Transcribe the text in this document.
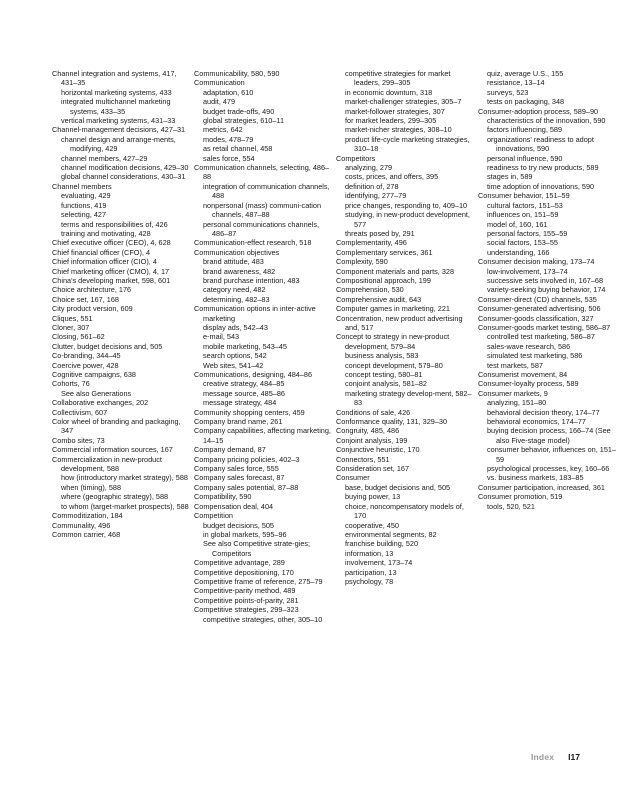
Channel integration and systems, 417, 431–35

horizontal marketing systems, 433

integrated multichannel marketing systems, 433–35

vertical marketing systems, 431–33

Channel-management decisions, 427–31

channel design and arrange-ments, modifying, 429

channel members, 427–29

channel modification decisions, 429–30

global channel considerations, 430–31

Channel members

evaluating, 429

functions, 419

selecting, 427

terms and responsibilities of, 426

training and motivating, 428

Chief executive officer (CEO), 4, 628

Chief financial officer (CFO), 4

Chief information officer (CIO), 4

Chief marketing officer (CMO), 4, 17

China's developing market, 598, 601

Choice architecture, 176

Choice set, 167, 168

City product version, 609

Cliques, 551

Cloner, 307

Closing, 561–62

Clutter, budget decisions and, 505

Co-branding, 344–45

Coercive power, 428

Cognitive campaigns, 638

Cohorts, 76

See also Generations

Collaborative exchanges, 202

Collectivism, 607

Color wheel of branding and packaging, 347

Combo sites, 73

Commercial information sources, 167

Commercialization in new-product development, 588

how (introductory market strategy), 588

when (timing), 588

where (geographic strategy), 588

to whom (target-market prospects), 588

Commoditization, 184

Communality, 496

Common carrier, 468

Communicability, 580, 590

Communication

adaptation, 610

audit, 479

budget trade-offs, 490

global strategies, 610–11

metrics, 642

modes, 478–79

as retail channel, 458

sales force, 554

Communication channels, selecting, 486–88

integration of communication channels, 488

nonpersonal (mass) communi-cation channels, 487–88

personal communications channels, 486–87

Communication-effect research, 518

Communication objectives

brand attitude, 483

brand awareness, 482

brand purchase intention, 483

category need, 482

determining, 482–83

Communication options in inter-active marketing

display ads, 542–43

e-mail, 543

mobile marketing, 543–45

search options, 542

Web sites, 541–42

Communications, designing, 484–86

creative strategy, 484–85

message source, 485–86

message strategy, 484

Community shopping centers, 459

Company brand name, 261

Company capabilities, affecting marketing, 14–15

Company demand, 87

Company pricing policies, 402–3

Company sales force, 555

Company sales forecast, 87

Company sales potential, 87–88

Compatibility, 590

Compensation deal, 404

Competition

budget decisions, 505

in global markets, 595–96

See also Competitive strate-gies; Competitors

Competitive advantage, 289

Competitive depositioning, 170

Competitive frame of reference, 275–79

Competitive-parity method, 489

Competitive points-of-parity, 281

Competitive strategies, 299–323

competitive strategies, other, 305–10

competitive strategies for market leaders, 299–305

in economic downturn, 318

market-challenger strategies, 305–7

market-follower strategies, 307

for market leaders, 299–305

market-nicher strategies, 308–10

product life-cycle marketing strategies, 310–18

Competitors

analyzing, 279

costs, prices, and offers, 395

definition of, 278

identifying, 277–79

price changes, responding to, 409–10

studying, in new-product development, 577

threats posed by, 291

Complementarity, 496

Complementary services, 361

Complexity, 590

Component materials and parts, 328

Compositional approach, 199

Comprehension, 530

Comprehensive audit, 643

Computer games in marketing, 221

Concentration, new product advertising and, 517

Concept to strategy in new-product development, 579–84

business analysis, 583

concept development, 579–80

concept testing, 580–81

conjoint analysis, 581–82

marketing strategy develop-ment, 582–83

Conditions of sale, 426

Conformance quality, 131, 329–30

Congruity, 485, 486

Conjoint analysis, 199

Conjunctive heuristic, 170

Connectors, 551

Consideration set, 167

Consumer

base, budget decisions and, 505

buying power, 13

choice, noncompensatory models of, 170

cooperative, 450

environmental segments, 82

franchise building, 520

information, 13

involvement, 173–74

participation, 13

psychology, 78

quiz, average U.S., 155

resistance, 13–14

surveys, 523

tests on packaging, 348

Consumer-adoption process, 589–90

characteristics of the innovation, 590

factors influencing, 589

organizations' readiness to adopt innovations, 590

personal influence, 590

readiness to try new products, 589

stages in, 589

time adoption of innovations, 590

Consumer behavior, 151–59

cultural factors, 151–53

influences on, 151–59

model of, 160, 161

personal factors, 155–59

social factors, 153–55

understanding, 166

Consumer decision making, 173–74

low-involvement, 173–74

successive sets involved in, 167–68

variety-seeking buying behavior, 174

Consumer-direct (CD) channels, 535

Consumer-generated advertising, 506

Consumer-goods classification, 327

Consumer-goods market testing, 586–87

controlled test marketing, 586–87

sales-wave research, 586

simulated test marketing, 586

test markets, 587

Consumerist movement, 84

Consumer-loyalty process, 589

Consumer markets, 9

analyzing, 151–80

behavioral decision theory, 174–77

behavioral economics, 174–77

buying decision process, 166–74 (See also Five-stage model)

consumer behavior, influences on, 151–59

psychological processes, key, 160–66

vs. business markets, 183–85

Consumer participation, increased, 361

Consumer promotion, 519

tools, 520, 521

Index I17
